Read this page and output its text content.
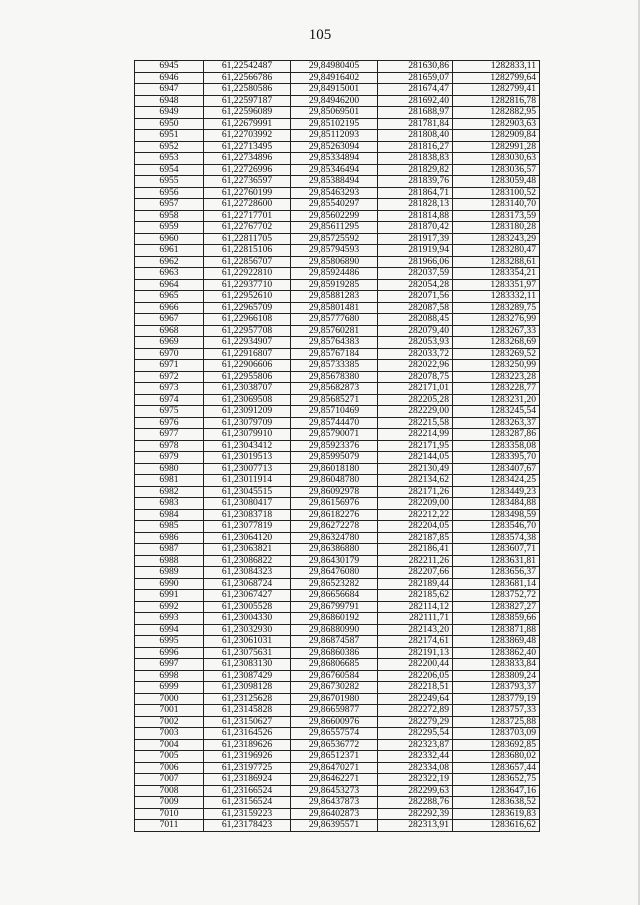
105
6945	61,22542487	29,84980405	281630,86	1282833,11
6946	61,22566786	29,84916402	281659,07	1282799,64
6947	61,22580586	29,84915001	281674,47	1282799,41
6948	61,22597187	29,84946200	281692,40	1282816,78
6949	61,22596089	29,85069501	281688,97	1282882,95
6950	61,22679991	29,85102195	281781,84	1282903,63
6951	61,22703992	29,85112093	281808,40	1282909,84
6952	61,22713495	29,85263094	281816,27	1282991,28
6953	61,22734896	29,85334894	281838,83	1283030,63
6954	61,22726996	29,85346494	281829,82	1283036,57
6955	61,22736597	29,85388494	281839,76	1283059,48
6956	61,22760199	29,85463293	281864,71	1283100,52
6957	61,22728600	29,85540297	281828,13	1283140,70
6958	61,22717701	29,85602299	281814,88	1283173,59
6959	61,22767702	29,85611295	281870,42	1283180,28
6960	61,22811705	29,85725592	281917,39	1283243,29
6961	61,22815106	29,85794593	281919,94	1283280,47
6962	61,22856707	29,85806890	281966,06	1283288,61
6963	61,22922810	29,85924486	282037,59	1283354,21
6964	61,22937710	29,85919285	282054,28	1283351,97
6965	61,22952610	29,85881283	282071,56	1283332,11
6966	61,22965709	29,85801481	282087,58	1283289,75
6967	61,22966108	29,85777680	282088,45	1283276,99
6968	61,22957708	29,85760281	282079,40	1283267,33
6969	61,22934907	29,85764383	282053,93	1283268,69
6970	61,22916807	29,85767184	282033,72	1283269,52
6971	61,22906606	29,85733385	282022,96	1283250,99
6972	61,22955806	29,85678380	282078,75	1283223,28
6973	61,23038707	29,85682873	282171,01	1283228,77
6974	61,23069508	29,85685271	282205,28	1283231,20
6975	61,23091209	29,85710469	282229,00	1283245,54
6976	61,23079709	29,85744470	282215,58	1283263,37
6977	61,23079910	29,85790071	282214,99	1283287,86
6978	61,23043412	29,85923376	282171,95	1283358,08
6979	61,23019513	29,85995079	282144,05	1283395,70
6980	61,23007713	29,86018180	282130,49	1283407,67
6981	61,23011914	29,86048780	282134,62	1283424,25
6982	61,23045515	29,86092978	282171,26	1283449,23
6983	61,23080417	29,86156976	282209,00	1283484,88
6984	61,23083718	29,86182276	282212,22	1283498,59
6985	61,23077819	29,86272278	282204,05	1283546,70
6986	61,23064120	29,86324780	282187,85	1283574,38
6987	61,23063821	29,86386880	282186,41	1283607,71
6988	61,23086822	29,86430179	282211,26	1283631,81
6989	61,23084323	29,86476080	282207,66	1283656,37
6990	61,23068724	29,86523282	282189,44	1283681,14
6991	61,23067427	29,86656684	282185,62	1283752,72
6992	61,23005528	29,86799791	282114,12	1283827,27
6993	61,23004330	29,86860192	282111,71	1283859,66
6994	61,23032930	29,86880990	282143,20	1283871,88
6995	61,23061031	29,86874587	282174,61	1283869,48
6996	61,23075631	29,86860386	282191,13	1283862,40
6997	61,23083130	29,86806685	282200,44	1283833,84
6998	61,23087429	29,86760584	282206,05	1283809,24
6999	61,23098128	29,86730282	282218,51	1283793,37
7000	61,23125628	29,86701980	282249,64	1283779,19
7001	61,23145828	29,86659877	282272,89	1283757,33
7002	61,23150627	29,86600976	282279,29	1283725,88
7003	61,23164526	29,86557574	282295,54	1283703,09
7004	61,23189626	29,86536772	282323,87	1283692,85
7005	61,23196926	29,86512371	282332,44	1283680,02
7006	61,23197725	29,86470271	282334,08	1283657,44
7007	61,23186924	29,86462271	282322,19	1283652,75
7008	61,23166524	29,86453273	282299,63	1283647,16
7009	61,23156524	29,86437873	282288,76	1283638,52
7010	61,23159223	29,86402873	282292,39	1283619,83
7011	61,23178423	29,86395571	282313,91	1283616,62
